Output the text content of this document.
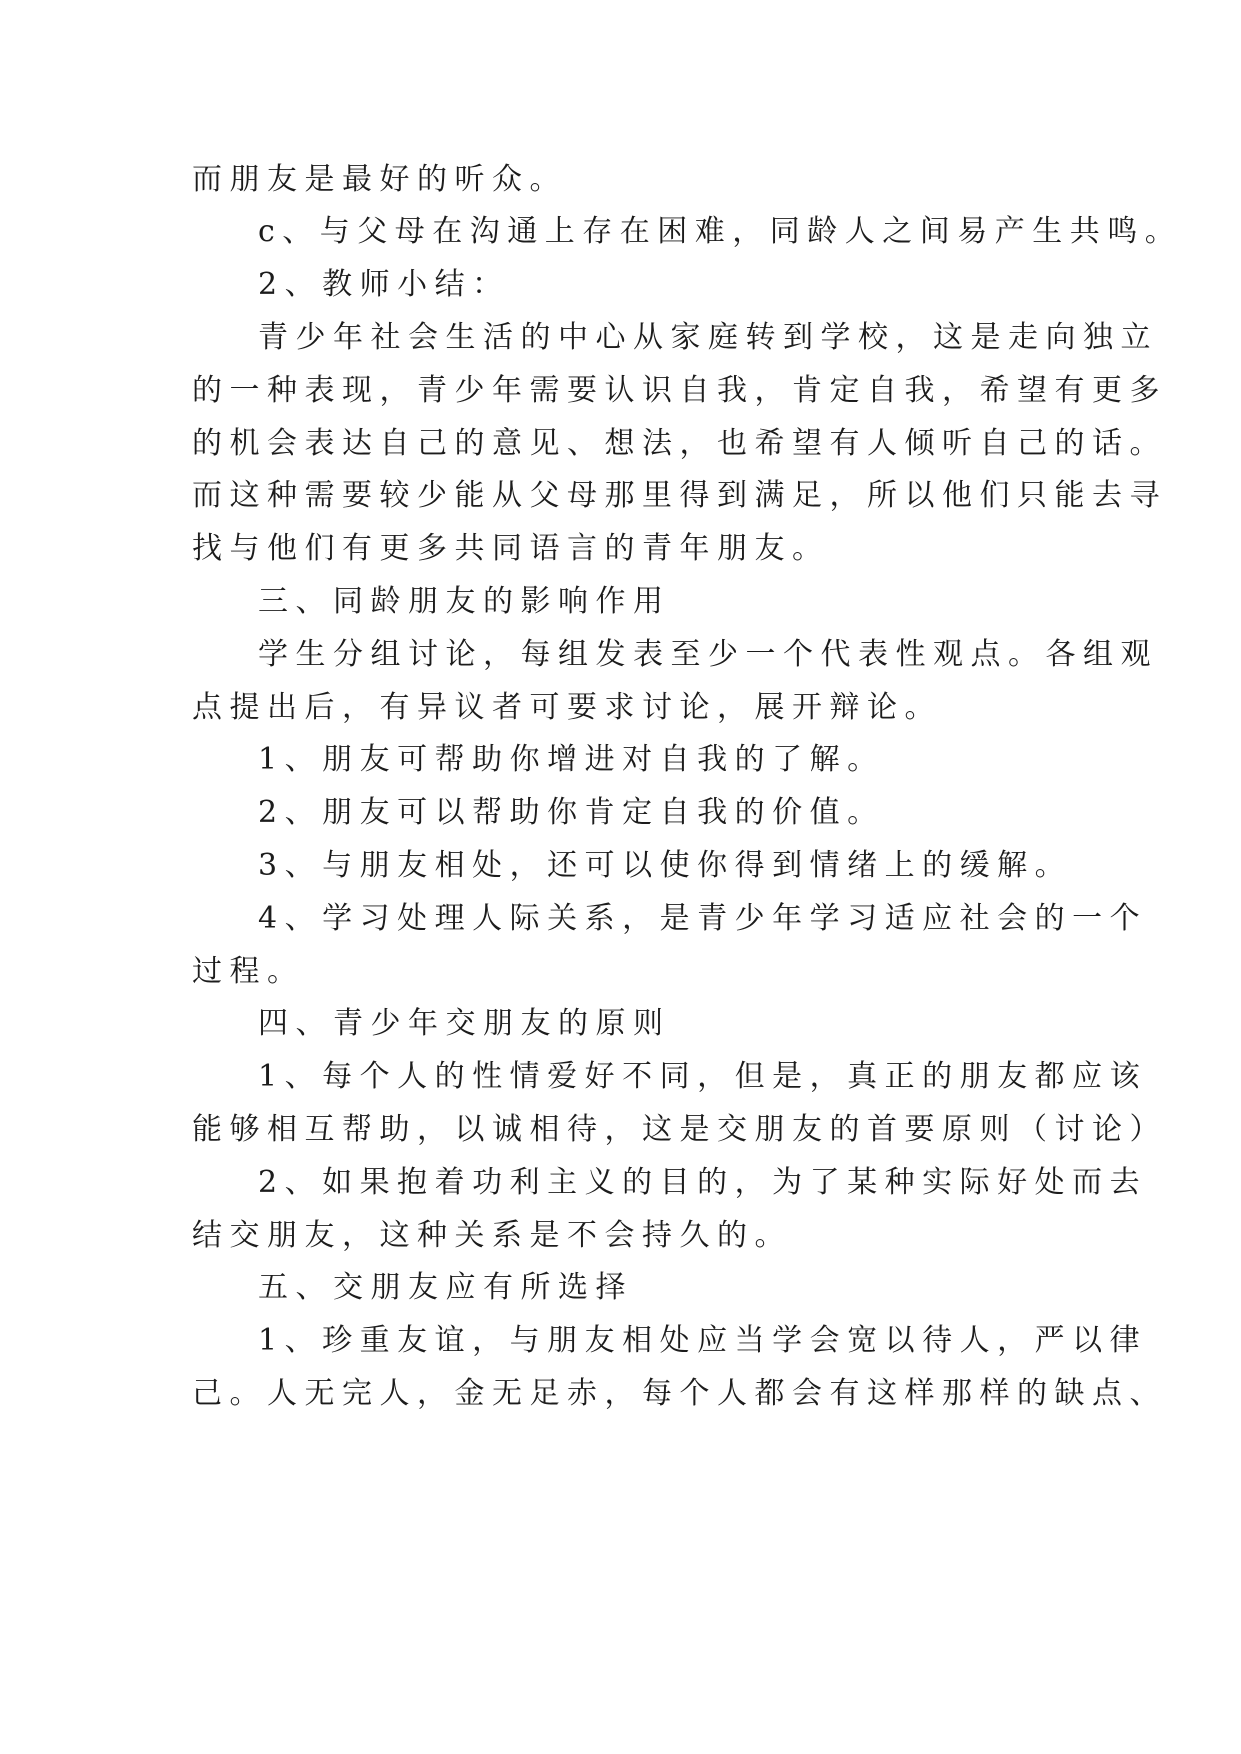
而朋友是最好的听众。
c、与父母在沟通上存在困难，同龄人之间易产生共鸣。
2、教师小结：
青少年社会生活的中心从家庭转到学校，这是走向独立
的一种表现，青少年需要认识自我，肯定自我，希望有更多
的机会表达自己的意见、想法，也希望有人倾听自己的话。
而这种需要较少能从父母那里得到满足，所以他们只能去寻
找与他们有更多共同语言的青年朋友。
三、同龄朋友的影响作用
学生分组讨论，每组发表至少一个代表性观点。各组观
点提出后，有异议者可要求讨论，展开辩论。
1、朋友可帮助你增进对自我的了解。
2、朋友可以帮助你肯定自我的价值。
3、与朋友相处，还可以使你得到情绪上的缓解。
4、学习处理人际关系，是青少年学习适应社会的一个
过程。
四、青少年交朋友的原则
1、每个人的性情爱好不同，但是，真正的朋友都应该
能够相互帮助，以诚相待，这是交朋友的首要原则（讨论）
2、如果抱着功利主义的目的，为了某种实际好处而去
结交朋友，这种关系是不会持久的。
五、交朋友应有所选择
1、珍重友谊，与朋友相处应当学会宽以待人，严以律
己。人无完人，金无足赤，每个人都会有这样那样的缺点、
